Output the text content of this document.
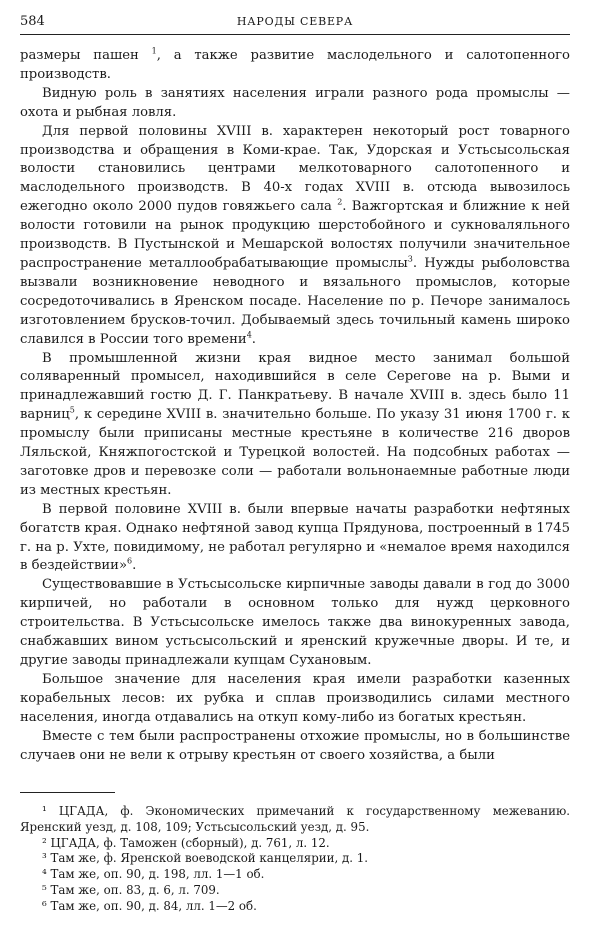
584	НАРОДЫ СЕВЕРА

размеры пашен $^1$, а также развитие маслодельного и салотопенного производств.

Видную роль в занятиях населения играли разного рода промыслы — охота и рыбная ловля.

Для первой половины XVIII в. характерен некоторый рост товарного производства и обращения в Коми-крае. Так, Удорская и Устьсысольская волости становились центрами мелкотоварного салотопенного и маслодельного производств. В 40-х годах XVIII в. отсюда вывозилось ежегодно около 2000 пудов говяжьего сала $^2$. Важгортская и ближние к ней волости готовили на рынок продукцию шерстобойного и сукноваляльного производств. В Пустынской и Мешарской волостях получили значительное распространение металлообрабатывающие промыслы$^3$. Нужды рыболовства вызвали возникновение неводного и вязального промыслов, которые сосредоточивались в Яренском посаде. Население по р. Печоре занималось изготовлением брусков-точил. Добываемый здесь точильный камень широко славился в России того времени$^4$.

В промышленной жизни края видное место занимал большой соляваренный промысел, находившийся в селе Серегове на р. Выми и принадлежавший гостю Д. Г. Панкратьеву. В начале XVIII в. здесь было 11 варниц$^5$, к середине XVIII в. значительно больше. По указу 31 июня 1700 г. к промыслу были приписаны местные крестьяне в количестве 216 дворов Ляльской, Княжпогостской и Турецкой волостей. На подсобных работах — заготовке дров и перевозке соли — работали вольнонаемные работные люди из местных крестьян.

В первой половине XVIII в. были впервые начаты разработки нефтяных богатств края. Однако нефтяной завод купца Прядунова, построенный в 1745 г. на р. Ухте, повидимому, не работал регулярно и «немалое время находился в бездействии»$^6$.

Существовавшие в Устьсысольске кирпичные заводы давали в год до 3000 кирпичей, но работали в основном только для нужд церковного строительства. В Устьсысольске имелось также два винокуренных завода, снабжавших вином устьсысольский и яренский кружечные дворы. И те, и другие заводы принадлежали купцам Сухановым.

Большое значение для населения края имели разработки казенных корабельных лесов: их рубка и сплав производились силами местного населения, иногда отдавались на откуп кому-либо из богатых крестьян.

Вместе с тем были распространены отхожие промыслы, но в большинстве случаев они не вели к отрыву крестьян от своего хозяйства, а были

¹ ЦГАДА, ф. Экономических примечаний к государственному межеванию. Яренский уезд, д. 108, 109; Устьсысольский уезд, д. 95.

² ЦГАДА, ф. Таможен (сборный), д. 761, л. 12.

³ Там же, ф. Яренской воеводской канцелярии, д. 1.

⁴ Там же, оп. 90, д. 198, лл. 1—1 об.

⁵ Там же, оп. 83, д. 6, л. 709.

⁶ Там же, оп. 90, д. 84, лл. 1—2 об.
